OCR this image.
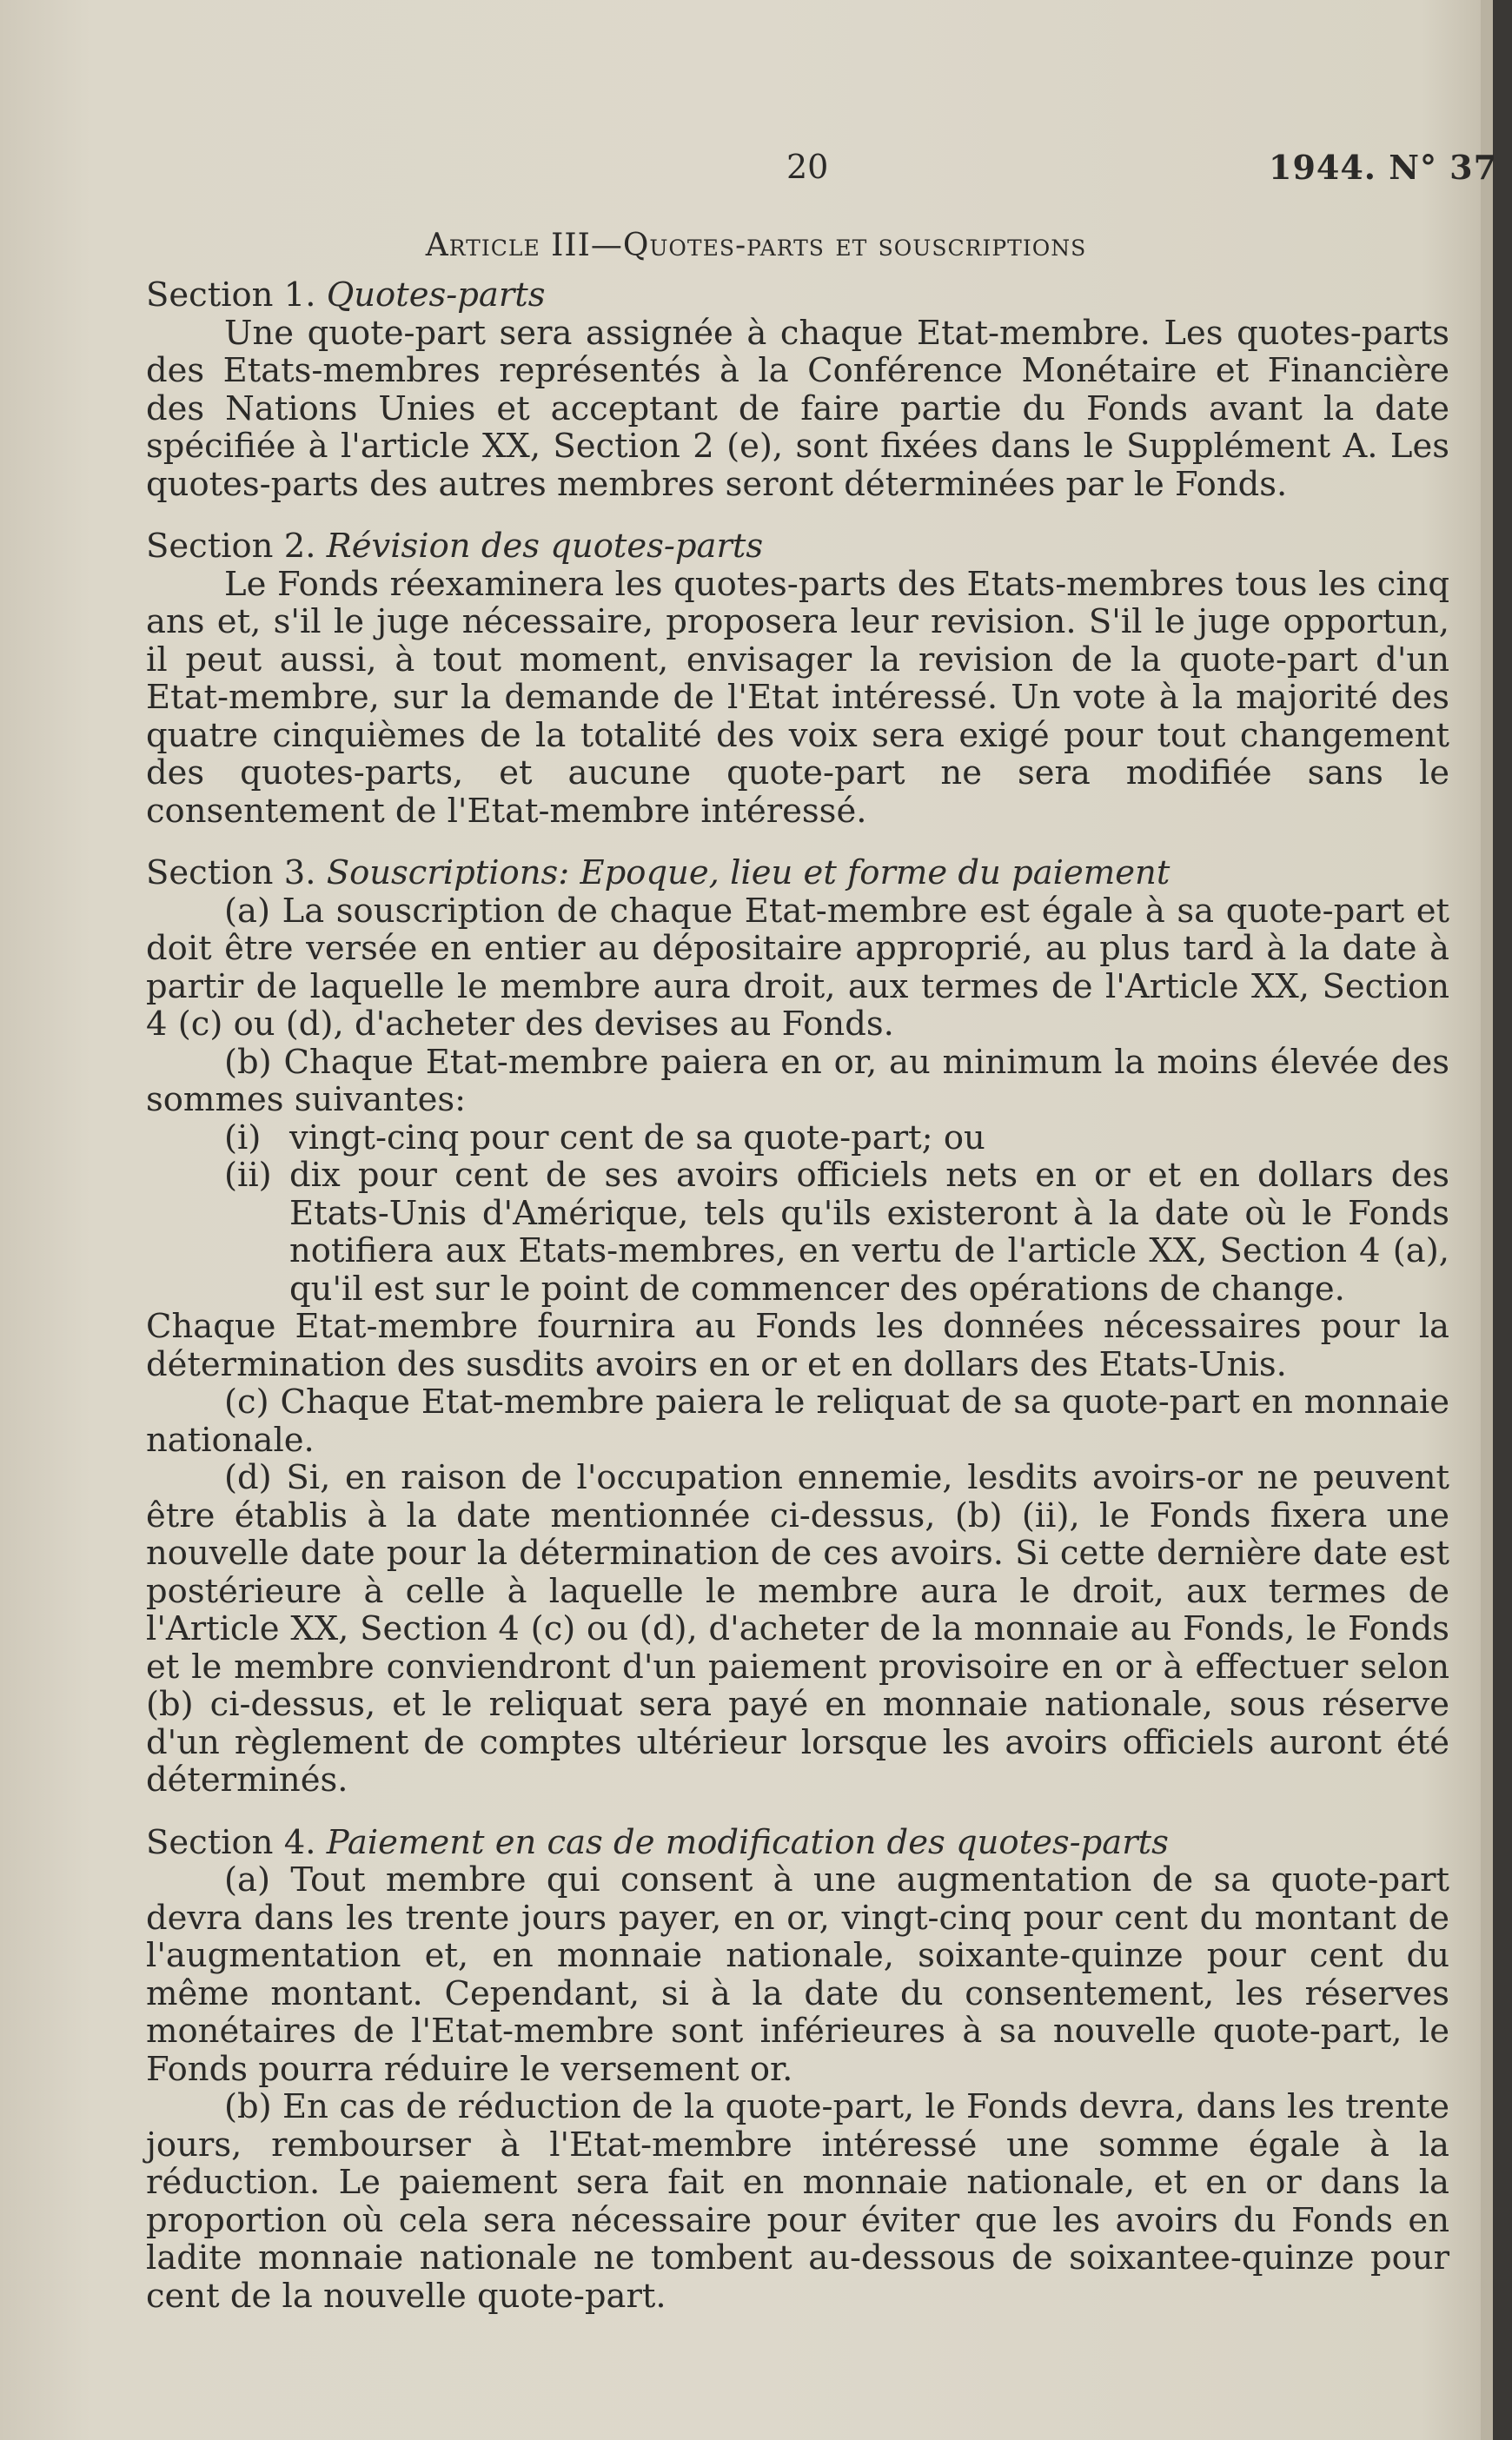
20	1944. N° 37
Article III—Quotes-parts et souscriptions

Section 1. Quotes-parts

Une quote-part sera assignée à chaque Etat-membre. Les quotes-parts des Etats-membres représentés à la Conférence Monétaire et Financière des Nations Unies et acceptant de faire partie du Fonds avant la date spécifiée à l'article XX, Section 2 (e), sont fixées dans le Supplément A. Les quotes-parts des autres membres seront déterminées par le Fonds.

Section 2. Révision des quotes-parts

Le Fonds réexaminera les quotes-parts des Etats-membres tous les cinq ans et, s'il le juge nécessaire, proposera leur revision. S'il le juge opportun, il peut aussi, à tout moment, envisager la revision de la quote-part d'un Etat-membre, sur la demande de l'Etat intéressé. Un vote à la majorité des quatre cinquièmes de la totalité des voix sera exigé pour tout changement des quotes-parts, et aucune quote-part ne sera modifiée sans le consentement de l'Etat-membre intéressé.

Section 3. Souscriptions: Epoque, lieu et forme du paiement

(a) La souscription de chaque Etat-membre est égale à sa quote-part et doit être versée en entier au dépositaire approprié, au plus tard à la date à partir de laquelle le membre aura droit, aux termes de l'Article XX, Section 4 (c) ou (d), d'acheter des devises au Fonds.

(b) Chaque Etat-membre paiera en or, au minimum la moins élevée des sommes suivantes:

(i) vingt-cinq pour cent de sa quote-part; ou
(ii) dix pour cent de ses avoirs officiels nets en or et en dollars des Etats-Unis d'Amérique, tels qu'ils existeront à la date où le Fonds notifiera aux Etats-membres, en vertu de l'article XX, Section 4 (a), qu'il est sur le point de commencer des opérations de change.

Chaque Etat-membre fournira au Fonds les données nécessaires pour la détermination des susdits avoirs en or et en dollars des Etats-Unis.

(c) Chaque Etat-membre paiera le reliquat de sa quote-part en monnaie nationale.

(d) Si, en raison de l'occupation ennemie, lesdits avoirs-or ne peuvent être établis à la date mentionnée ci-dessus, (b) (ii), le Fonds fixera une nouvelle date pour la détermination de ces avoirs. Si cette dernière date est postérieure à celle à laquelle le membre aura le droit, aux termes de l'Article XX, Section 4 (c) ou (d), d'acheter de la monnaie au Fonds, le Fonds et le membre conviendront d'un paiement provisoire en or à effectuer selon (b) ci-dessus, et le reliquat sera payé en monnaie nationale, sous réserve d'un règlement de comptes ultérieur lorsque les avoirs officiels auront été déterminés.

Section 4. Paiement en cas de modification des quotes-parts

(a) Tout membre qui consent à une augmentation de sa quote-part devra dans les trente jours payer, en or, vingt-cinq pour cent du montant de l'augmentation et, en monnaie nationale, soixante-quinze pour cent du même montant. Cependant, si à la date du consentement, les réserves monétaires de l'Etat-membre sont inférieures à sa nouvelle quote-part, le Fonds pourra réduire le versement or.

(b) En cas de réduction de la quote-part, le Fonds devra, dans les trente jours, rembourser à l'Etat-membre intéressé une somme égale à la réduction. Le paiement sera fait en monnaie nationale, et en or dans la proportion où cela sera nécessaire pour éviter que les avoirs du Fonds en ladite monnaie nationale ne tombent au-dessous de soixantee-quinze pour cent de la nouvelle quote-part.
